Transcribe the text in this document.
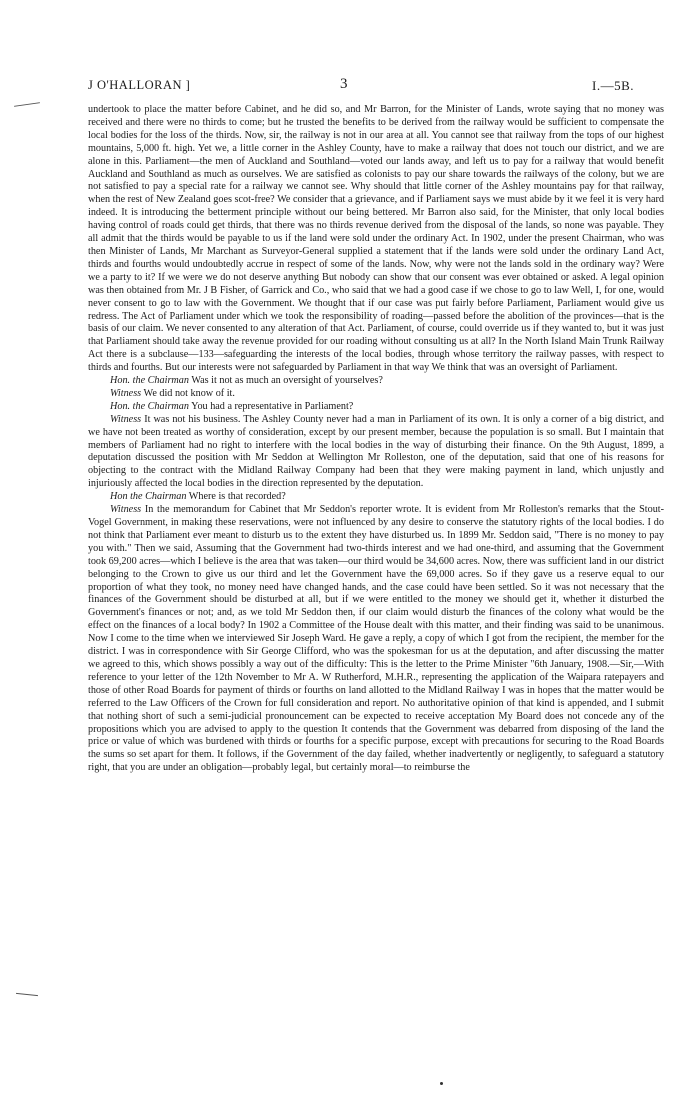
J O'HALLORAN ]	3	I.—5B.

undertook to place the matter before Cabinet, and he did so, and Mr Barron, for the Minister of Lands, wrote saying that no money was received and there were no thirds to come; but he trusted the benefits to be derived from the railway would be sufficient to compensate the local bodies for the loss of the thirds. Now, sir, the railway is not in our area at all. You cannot see that railway from the tops of our highest mountains, 5,000 ft. high. Yet we, a little corner in the Ashley County, have to make a railway that does not touch our district, and we are alone in this. Parliament—the men of Auckland and Southland—voted our lands away, and left us to pay for a railway that would benefit Auckland and Southland as much as ourselves. We are satisfied as colonists to pay our share towards the railways of the colony, but we are not satisfied to pay a special rate for a railway we cannot see. Why should that little corner of the Ashley mountains pay for that railway, when the rest of New Zealand goes scot-free? We consider that a grievance, and if Parliament says we must abide by it we feel it is very hard indeed. It is introducing the betterment principle without our being bettered. Mr Barron also said, for the Minister, that only local bodies having control of roads could get thirds, that there was no thirds revenue derived from the disposal of the lands, so none was payable. They all admit that the thirds would be payable to us if the land were sold under the ordinary Act. In 1902, under the present Chairman, who was then Minister of Lands, Mr Marchant as Surveyor-General supplied a statement that if the lands were sold under the ordinary Land Act, thirds and fourths would undoubtedly accrue in respect of some of the lands. Now, why were not the lands sold in the ordinary way? Were we a party to it? If we were we do not deserve anything But nobody can show that our consent was ever obtained or asked. A legal opinion was then obtained from Mr. J B Fisher, of Garrick and Co., who said that we had a good case if we chose to go to law Well, I, for one, would never consent to go to law with the Government. We thought that if our case was put fairly before Parliament, Parliament would give us redress. The Act of Parliament under which we took the responsibility of roading—passed before the abolition of the provinces—that is the basis of our claim. We never consented to any alteration of that Act. Parliament, of course, could override us if they wanted to, but it was just that Parliament should take away the revenue provided for our roading without consulting us at all? In the North Island Main Trunk Railway Act there is a subclause—133—safeguarding the interests of the local bodies, through whose territory the railway passes, with respect to thirds and fourths. But our interests were not safeguarded by Parliament in that way We think that was an oversight of Parliament.

Hon. the Chairman Was it not as much an oversight of yourselves?

Witness We did not know of it.

Hon. the Chairman You had a representative in Parliament?

Witness It was not his business. The Ashley County never had a man in Parliament of its own. It is only a corner of a big district, and we have not been treated as worthy of consideration, except by our present member, because the population is so small. But I maintain that members of Parliament had no right to interfere with the local bodies in the way of disturbing their finance. On the 9th August, 1899, a deputation discussed the position with Mr Seddon at Wellington Mr Rolleston, one of the deputation, said that one of his reasons for objecting to the contract with the Midland Railway Company had been that they were making payment in land, which unjustly and injuriously affected the local bodies in the direction represented by the deputation.

Hon the Chairman Where is that recorded?

Witness In the memorandum for Cabinet that Mr Seddon's reporter wrote. It is evident from Mr Rolleston's remarks that the Stout-Vogel Government, in making these reservations, were not influenced by any desire to conserve the statutory rights of the local bodies. I do not think that Parliament ever meant to disturb us to the extent they have disturbed us. In 1899 Mr. Seddon said, "There is no money to pay you with." Then we said, Assuming that the Government had two-thirds interest and we had one-third, and assuming that the Government took 69,200 acres—which I believe is the area that was taken—our third would be 34,600 acres. Now, there was sufficient land in our district belonging to the Crown to give us our third and let the Government have the 69,000 acres. So if they gave us a reserve equal to our proportion of what they took, no money need have changed hands, and the case could have been settled. So it was not necessary that the finances of the Government should be disturbed at all, but if we were entitled to the money we should get it, whether it disturbed the Government's finances or not; and, as we told Mr Seddon then, if our claim would disturb the finances of the colony what would be the effect on the finances of a local body? In 1902 a Committee of the House dealt with this matter, and their finding was said to be unanimous. Now I come to the time when we interviewed Sir Joseph Ward. He gave a reply, a copy of which I got from the recipient, the member for the district. I was in correspondence with Sir George Clifford, who was the spokesman for us at the deputation, and after discussing the matter we agreed to this, which shows possibly a way out of the difficulty: This is the letter to the Prime Minister "6th January, 1908.—Sir,—With reference to your letter of the 12th November to Mr A. W Rutherford, M.H.R., representing the application of the Waipara ratepayers and those of other Road Boards for payment of thirds or fourths on land allotted to the Midland Railway I was in hopes that the matter would be referred to the Law Officers of the Crown for full consideration and report. No authoritative opinion of that kind is appended, and I submit that nothing short of such a semi-judicial pronouncement can be expected to receive acceptation My Board does not concede any of the propositions which you are advised to apply to the question It contends that the Government was debarred from disposing of the land the price or value of which was burdened with thirds or fourths for a specific purpose, except with precautions for securing to the Road Boards the sums so set apart for them. It follows, if the Government of the day failed, whether inadvertently or negligently, to safeguard a statutory right, that you are under an obligation—probably legal, but certainly moral—to reimburse the
